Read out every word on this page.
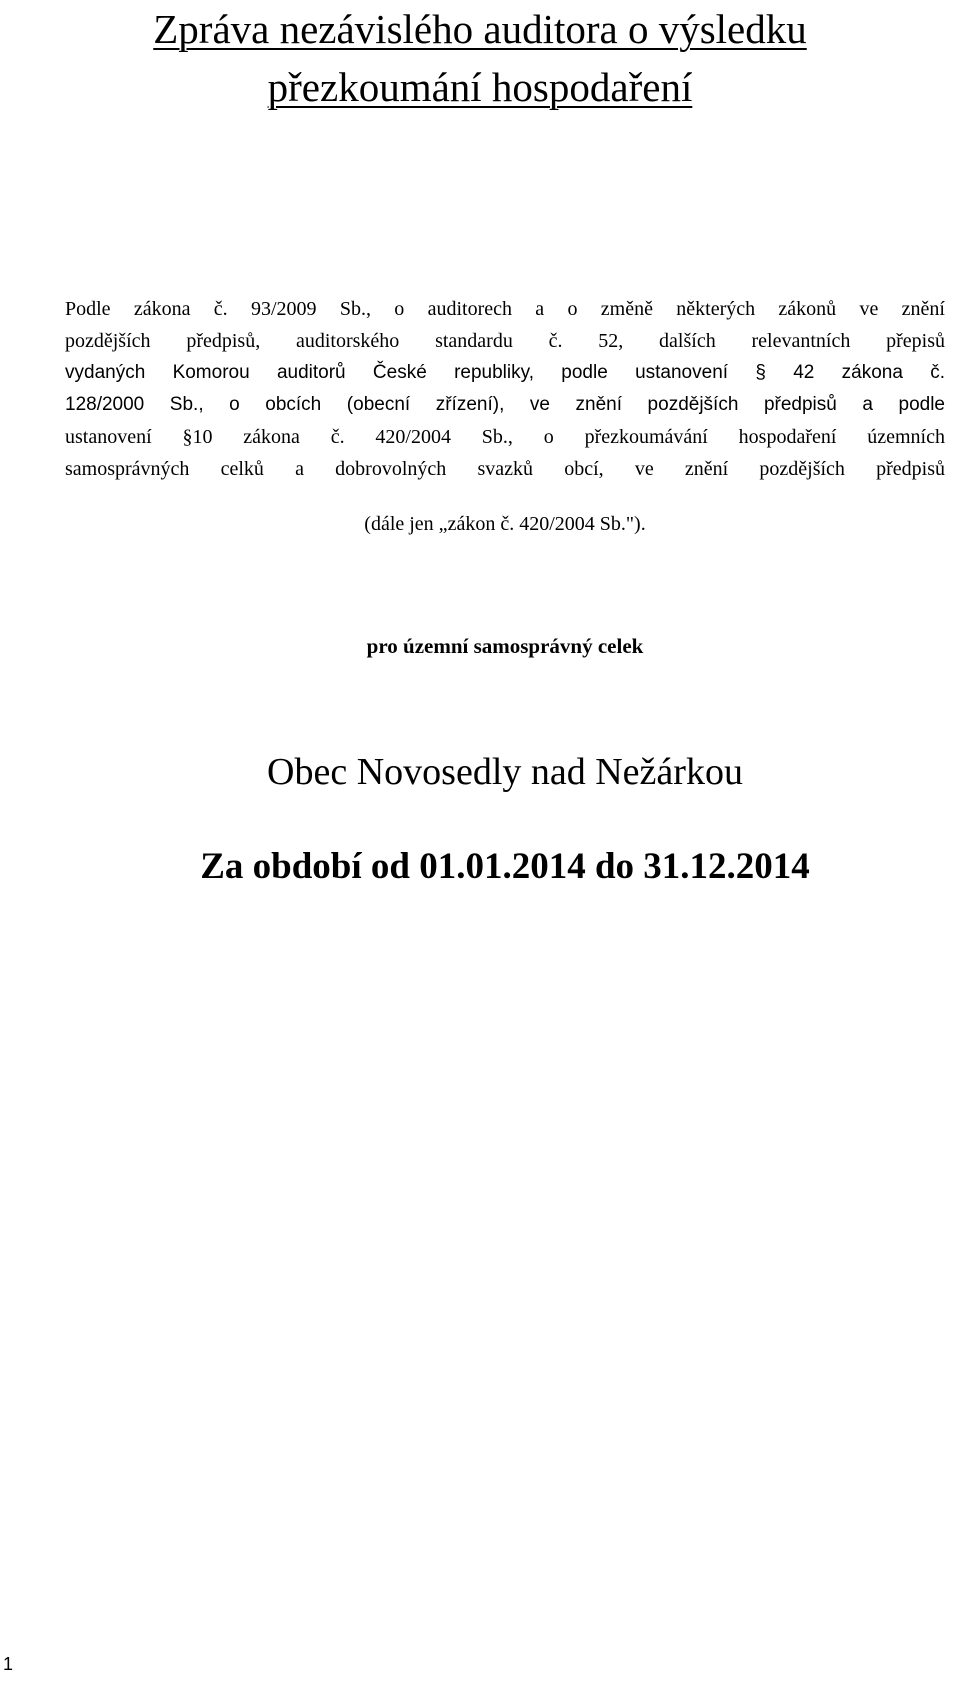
Zpráva nezávislého auditora o výsledku
přezkoumání hospodaření
Podle zákona č. 93/2009 Sb., o auditorech a o změně některých zákonů ve znění
pozdějších předpisů, auditorského standardu č. 52, dalších relevantních přepisů
vydaných Komorou auditorů České republiky, podle ustanovení § 42 zákona č.
128/2000 Sb., o obcích (obecní zřízení), ve znění pozdějších předpisů a podle
ustanovení §10 zákona č. 420/2004 Sb., o přezkoumávání hospodaření územních
samosprávných celků a dobrovolných svazků obcí, ve znění pozdějších předpisů

(dále jen „zákon č. 420/2004 Sb.").

pro územní samosprávný celek

Obec Novosedly nad Nežárkou

Za období od 01.01.2014 do 31.12.2014

1
